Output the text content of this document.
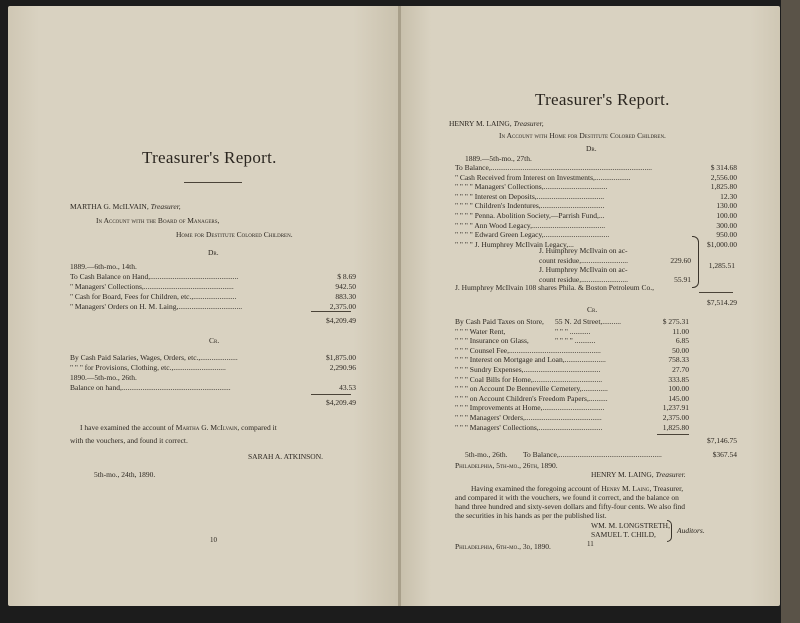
Treasurer's Report.
MARTHA G. McILVAIN, Treasurer,
In Account with the Board of Managers,
Home for Destitute Colored Children.
Dr.
1889.—6th-mo., 14th.
To Cash Balance on Hand,...............................................	$ 8.69
" Managers' Collections,................................................	942.50
" Cash for Board, Fees for Children, etc.,.......................	883.30
" Managers' Orders on H. M. Laing,..................................	2,375.00
$4,209.49
Cr.
By Cash Paid Salaries, Wages, Orders, etc.,....................	$1,875.00
" " " for Provisions, Clothing, etc.,............................	2,290.96
1890.—5th-mo., 26th.
Balance on hand,..........................................................	43.53
$4,209.49
I have examined the account of Martha G. McIlvain, compared it
with the vouchers, and found it correct.
SARAH A. ATKINSON.
5th-mo., 24th, 1890.
10
Treasurer's Report.
HENRY M. LAING, Treasurer,
In Account with Home for Destitute Colored Children.
Dr.
1889.—5th-mo., 27th.
To Balance,......................................................................................	$ 314.68
" Cash Received from Interest on Investments,...................	2,556.00
" " " " Managers' Collections,..................................	1,825.80
" " " " Interest on Deposits,....................................	12.30
" " " " Children's Indentures,..................................	130.00
" " " " Penna. Abolition Society,—Parrish Fund,...	100.00
" " " " Ann Wood Legacy,.......................................	300.00
" " " " Edward Green Legacy,...................................	950.00
" " " " J. Humphrey McIlvain Legacy,...	$1,000.00
J. Humphrey McIlvain on ac-
count residue,.........................	229.60
J. Humphrey McIlvain on ac-
count residue,.........................	55.91
1,285.51
J. Humphrey McIlvain 108 shares Phila. & Boston Petroleum Co.,
$7,514.29
Cr.
By Cash Paid Taxes on Store, 55 N. 2d Street,..........	$ 275.31
" " " Water Rent,	" " " ...........	11.00
" " " Insurance on Glass,	" " " " ...........	6.85
" " " Counsel Fee,.................................................	50.00
" " " Interest on Mortgage and Loan,......................	758.33
" " " Sundry Expenses,.........................................	27.70
" " " Coal Bills for Home,.....................................	333.85
" " " on Account De Benneville Cemetery,..............	100.00
" " " on Account Children's Freedom Papers,..........	145.00
" " " Improvements at Home,.................................	1,237.91
" " " Managers' Orders,.........................................	2,375.00
" " " Managers' Collections,..................................	1,825.80
$7,146.75
5th-mo., 26th. To Balance,.......................................................	$367.54
Philadelphia, 5th-mo., 26th, 1890.
HENRY M. LAING, Treasurer.
Having examined the foregoing account of Henry M. Laing, Treasurer,
and compared it with the vouchers, we found it correct, and the balance on
hand three hundred and sixty-seven dollars and fifty-four cents. We also find
the securities in his hands as per the published list.
WM. M. LONGSTRETH,
SAMUEL T. CHILD,	Auditors.
Philadelphia, 6th-mo., 3d, 1890.	11
